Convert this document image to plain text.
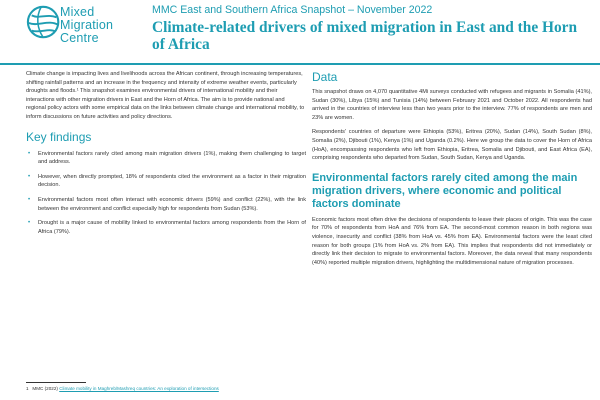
Mixed
Migration
Centre
MMC East and Southern Africa Snapshot – November 2022
Climate-related drivers of mixed migration in East and the Horn of Africa

Climate change is impacting lives and livelihoods across the African continent, through increasing temperatures, shifting rainfall patterns and an increase in the frequency and intensity of extreme weather events, particularly droughts and floods.¹ This snapshot examines environmental drivers of international mobility and their interactions with other migration drivers in East and the Horn of Africa. The aim is to provide national and regional policy actors with some empirical data on the links between climate change and international mobility, to inform discussions on future activities and policy directions.

Key findings
• Environmental factors rarely cited among main migration drivers (1%), making them challenging to target and address.
• However, when directly prompted, 18% of respondents cited the environment as a factor in their migration decision.
• Environmental factors most often interact with economic drivers (59%) and conflict (22%), with the link between the environment and conflict especially high for respondents from Sudan (53%).
• Drought is a major cause of mobility linked to environmental factors among respondents from the Horn of Africa (79%).
Data

This snapshot draws on 4,070 quantitative 4Mi surveys conducted with refugees and migrants in Somalia (41%), Sudan (30%), Libya (15%) and Tunisia (14%) between February 2021 and October 2022. All respondents had arrived in the countries of interview less than two years prior to the interview. 77% of respondents are men and 23% are women.

Respondents' countries of departure were Ethiopia (53%), Eritrea (20%), Sudan (14%), South Sudan (8%), Somalia (2%), Djibouti (1%), Kenya (1%) and Uganda (0.2%). Here we group the data to cover the Horn of Africa (HoA), encompassing respondents who left from Ethiopia, Eritrea, Somalia and Djibouti, and East Africa (EA), comprising respondents who departed from Sudan, South Sudan, Kenya and Uganda.

Environmental factors rarely cited among the main migration drivers, where economic and political factors dominate

Economic factors most often drive the decisions of respondents to leave their places of origin. This was the case for 70% of respondents from HoA and 76% from EA. The second-most common reason in both regions was violence, insecurity and conflict (38% from HoA vs. 45% from EA). Environmental factors were the least cited reason for both groups (1% from HoA vs. 2% from EA). This implies that respondents did not immediately or directly link their decision to migrate to environmental factors. Moreover, the data reveal that many respondents (40%) reported multiple migration drivers, highlighting the multidimensional nature of migration processes.

1 MMC (2022) Climate mobility in Maghreb/Mashreq countries: An exploration of intersections
